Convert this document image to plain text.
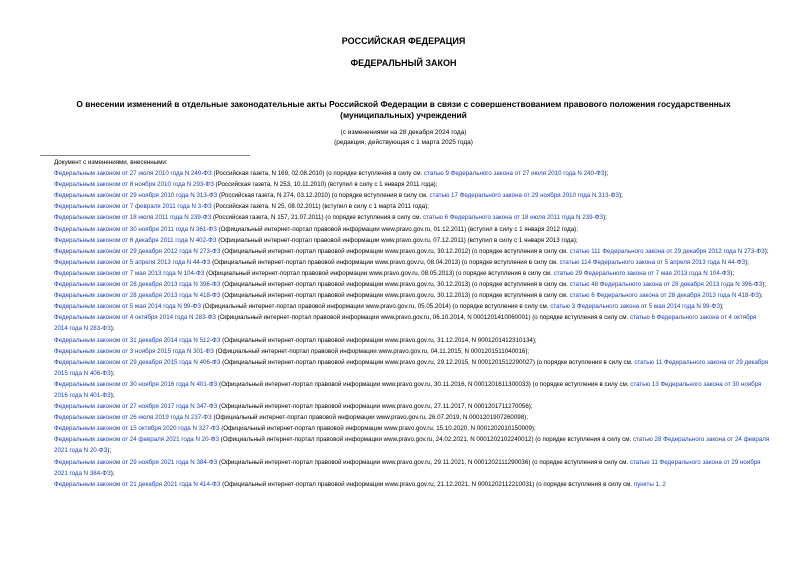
РОССИЙСКАЯ ФЕДЕРАЦИЯ
ФЕДЕРАЛЬНЫЙ ЗАКОН
О внесении изменений в отдельные законодательные акты Российской Федерации в связи с совершенствованием правового положения государственных (муниципальных) учреждений
(с изменениями на 28 декабря 2024 года)
(редакция, действующая с 1 марта 2025 года)
Документ с изменениями, внесенными:
Федеральным законом от 27 июля 2010 года N 240-ФЗ (Российская газета, N 169, 02.08.2010) (о порядке вступления в силу см. статью 9 Федерального закона от 27 июля 2010 года N 240-ФЗ);
Федеральным законом от 8 ноября 2010 года N 293-ФЗ (Российская газета, N 253, 10.11.2010) (вступил в силу с 1 января 2011 года);
Федеральным законом от 29 ноября 2010 года N 313-ФЗ (Российская газета, N 274, 03.12.2010) (о порядке вступления в силу см. статью 17 Федерального закона от 29 ноября 2010 года N 313-ФЗ);
Федеральным законом от 7 февраля 2011 года N 3-ФЗ (Российская газета, N 25, 08.02.2011) (вступил в силу с 1 марта 2011 года);
Федеральным законом от 18 июля 2011 года N 239-ФЗ (Российская газета, N 157, 21.07.2011) (о порядке вступления в силу см. статью 6 Федерального закона от 18 июля 2011 года N 239-ФЗ);
Федеральным законом от 30 ноября 2011 года N 361-ФЗ (Официальный интернет-портал правовой информации www.pravo.gov.ru, 01.12.2011) (вступил в силу с 1 января 2012 года);
Федеральным законом от 6 декабря 2011 года N 402-ФЗ (Официальный интернет-портал правовой информации www.pravo.gov.ru, 07.12.2011) (вступил в силу с 1 января 2013 года);
Федеральным законом от 29 декабря 2012 года N 273-ФЗ (Официальный интернет-портал правовой информации www.pravo.gov.ru, 30.12.2012) (о порядке вступления в силу см. статью 111 Федерального закона от 29 декабря 2012 года N 273-ФЗ);
Федеральным законом от 5 апреля 2013 года N 44-ФЗ (Официальный интернет-портал правовой информации www.pravo.gov.ru, 08.04.2013) (о порядке вступления в силу см. статью 114 Федерального закона от 5 апреля 2013 года N 44-ФЗ);
Федеральным законом от 7 мая 2013 года N 104-ФЗ (Официальный интернет-портал правовой информации www.pravo.gov.ru, 08.05.2013) (о порядке вступления в силу см. статью 29 Федерального закона от 7 мая 2013 года N 104-ФЗ);
Федеральным законом от 28 декабря 2013 года N 396-ФЗ (Официальный интернет-портал правовой информации www.pravo.gov.ru, 30.12.2013) (о порядке вступления в силу см. статью 48 Федерального закона от 28 декабря 2013 года N 396-ФЗ);
Федеральным законом от 28 декабря 2013 года N 418-ФЗ (Официальный интернет-портал правовой информации www.pravo.gov.ru, 30.12.2013) (о порядке вступления в силу см. статью 6 Федерального закона от 28 декабря 2013 года N 418-ФЗ);
Федеральным законом от 5 мая 2014 года N 99-ФЗ (Официальный интернет-портал правовой информации www.pravo.gov.ru, 05.05.2014) (о порядке вступления в силу см. статью 3 Федерального закона от 5 мая 2014 года N 99-ФЗ);
Федеральным законом от 4 октября 2014 года N 283-ФЗ (Официальный интернет-портал правовой информации www.pravo.gov.ru, 06.10.2014, N 0001201410060001) (о порядке вступления в силу см. статью 6 Федерального закона от 4 октября 2014 года N 283-ФЗ);
Федеральным законом от 31 декабря 2014 года N 512-ФЗ (Официальный интернет-портал правовой информации www.pravo.gov.ru, 31.12.2014, N 0001201412310134);
Федеральным законом от 3 ноября 2015 года N 301-ФЗ (Официальный интернет-портал правовой информации www.pravo.gov.ru, 04.11.2015, N 0001201511040016);
Федеральным законом от 29 декабря 2015 года N 406-ФЗ (Официальный интернет-портал правовой информации www.pravo.gov.ru, 29.12.2015, N 0001201512290027) (о порядке вступления в силу см. статью 11 Федерального закона от 29 декабря 2015 года N 406-ФЗ);
Федеральным законом от 30 ноября 2016 года N 401-ФЗ (Официальный интернет-портал правовой информации www.pravo.gov.ru, 30.11.2016, N 0001201611300033) (о порядке вступления в силу см. статью 13 Федерального закона от 30 ноября 2016 года N 401-ФЗ);
Федеральным законом от 27 ноября 2017 года N 347-ФЗ (Официальный интернет-портал правовой информации www.pravo.gov.ru, 27.11.2017, N 0001201711270056);
Федеральным законом от 26 июля 2019 года N 237-ФЗ (Официальный интернет-портал правовой информации www.pravo.gov.ru, 26.07.2019, N 0001201907260098);
Федеральным законом от 15 октября 2020 года N 327-ФЗ (Официальный интернет-портал правовой информации www.pravo.gov.ru, 15.10.2020, N 0001202010150009);
Федеральным законом от 24 февраля 2021 года N 20-ФЗ (Официальный интернет-портал правовой информации www.pravo.gov.ru, 24.02.2021, N 0001202102240012) (о порядке вступления в силу см. статью 28 Федерального закона от 24 февраля 2021 года N 20-ФЗ);
Федеральным законом от 29 ноября 2021 года N 384-ФЗ (Официальный интернет-портал правовой информации www.pravo.gov.ru, 29.11.2021, N 0001202111290036) (о порядке вступления в силу см. статью 11 Федерального закона от 29 ноября 2021 года N 384-ФЗ);
Федеральным законом от 21 декабря 2021 года N 414-ФЗ (Официальный интернет-портал правовой информации www.pravo.gov.ru, 21.12.2021, N 0001202112210031) (о порядке вступления в силу см. пункты 1, 2
